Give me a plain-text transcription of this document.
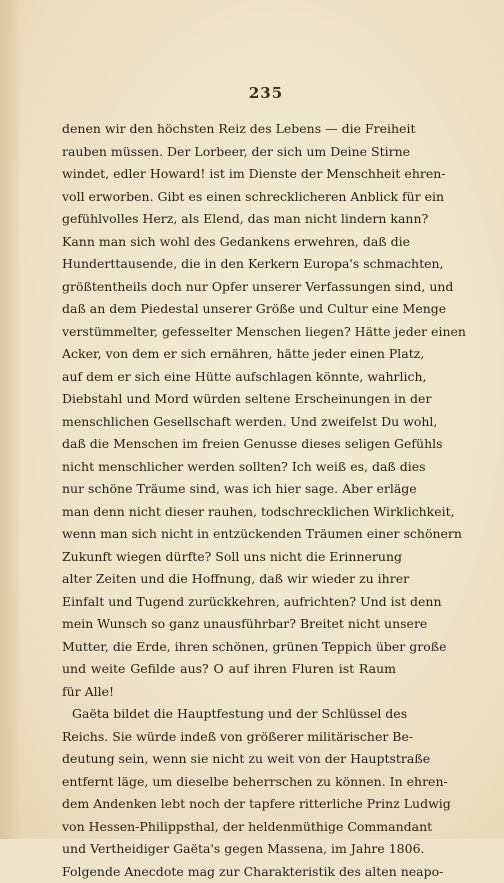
235
denen wir den höchsten Reiz des Lebens — die Freiheit
rauben müssen. Der Lorbeer, der sich um Deine Stirne
windet, edler Howard! ist im Dienste der Menschheit ehren-
voll erworben. Gibt es einen schrecklicheren Anblick für ein
gefühlvolles Herz, als Elend, das man nicht lindern kann?
Kann man sich wohl des Gedankens erwehren, daß die
Hunderttausende, die in den Kerkern Europa's schmachten,
größtentheils doch nur Opfer unserer Verfassungen sind, und
daß an dem Piedestal unserer Größe und Cultur eine Menge
verstümmelter, gefesselter Menschen liegen? Hätte jeder einen
Acker, von dem er sich ernähren, hätte jeder einen Platz,
auf dem er sich eine Hütte aufschlagen könnte, wahrlich,
Diebstahl und Mord würden seltene Erscheinungen in der
menschlichen Gesellschaft werden. Und zweifelst Du wohl,
daß die Menschen im freien Genusse dieses seligen Gefühls
nicht menschlicher werden sollten? Ich weiß es, daß dies
nur schöne Träume sind, was ich hier sage. Aber erläge
man denn nicht dieser rauhen, todschrecklichen Wirklichkeit,
wenn man sich nicht in entzückenden Träumen einer schönern
Zukunft wiegen dürfte? Soll uns nicht die Erinnerung
alter Zeiten und die Hoffnung, daß wir wieder zu ihrer
Einfalt und Tugend zurückkehren, aufrichten? Und ist denn
mein Wunsch so ganz unausführbar? Breitet nicht unsere
Mutter, die Erde, ihren schönen, grünen Teppich über große
und weite Gefilde aus? O auf ihren Fluren ist Raum
für Alle!
Gaëta bildet die Hauptfestung und der Schlüssel des
Reichs. Sie würde indeß von größerer militärischer Be-
deutung sein, wenn sie nicht zu weit von der Hauptstraße
entfernt läge, um dieselbe beherrschen zu können. In ehren-
dem Andenken lebt noch der tapfere ritterliche Prinz Ludwig
von Hessen-Philippsthal, der heldenmüthige Commandant
und Vertheidiger Gaëta's gegen Massena, im Jahre 1806.
Folgende Anecdote mag zur Charakteristik des alten neapo-
